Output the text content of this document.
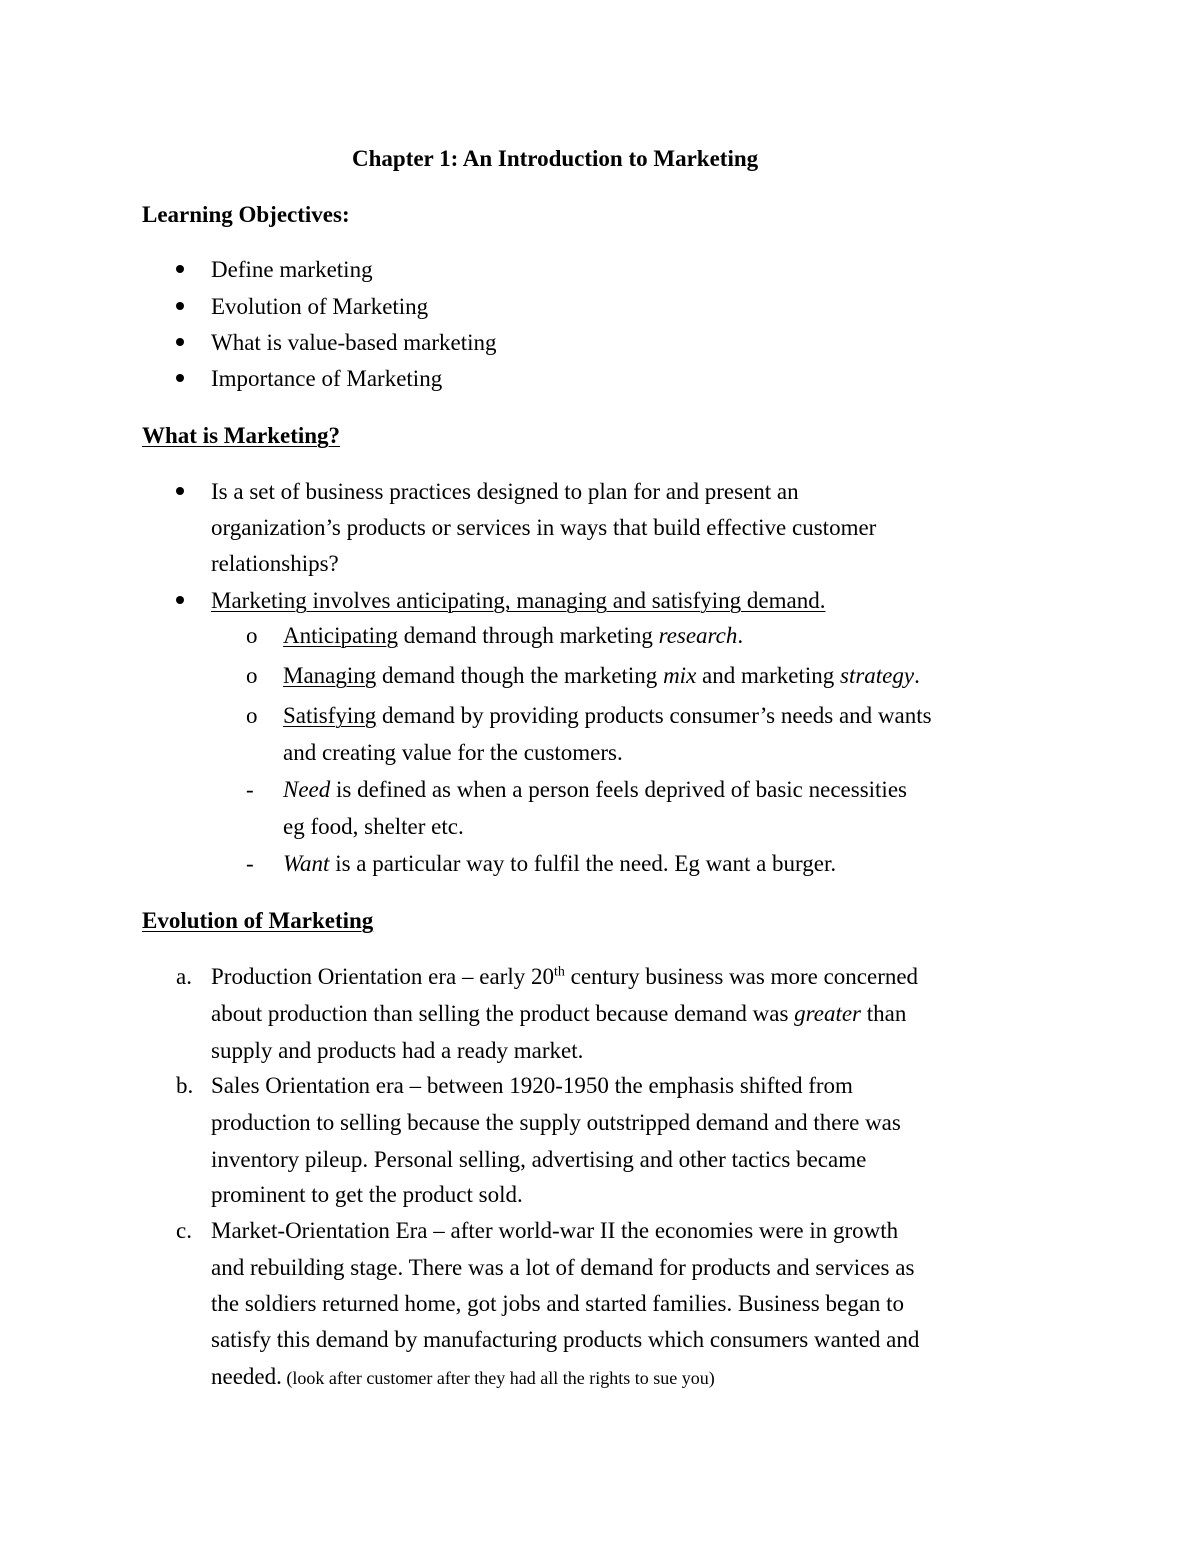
Chapter 1: An Introduction to Marketing
Learning Objectives:
Define marketing
Evolution of Marketing
What is value-based marketing
Importance of Marketing
What is Marketing?
Is a set of business practices designed to plan for and present an
organization’s products or services in ways that build effective customer
relationships?
Marketing involves anticipating, managing and satisfying demand.
o Anticipating demand through marketing research.
o Managing demand though the marketing mix and marketing strategy.
o Satisfying demand by providing products consumer’s needs and wants
and creating value for the customers.
- Need is defined as when a person feels deprived of basic necessities
eg food, shelter etc.
- Want is a particular way to fulfil the need. Eg want a burger.
Evolution of Marketing
a. Production Orientation era – early 20th century business was more concerned
about production than selling the product because demand was greater than
supply and products had a ready market.
b. Sales Orientation era – between 1920-1950 the emphasis shifted from
production to selling because the supply outstripped demand and there was
inventory pileup. Personal selling, advertising and other tactics became
prominent to get the product sold.
c. Market-Orientation Era – after world-war II the economies were in growth
and rebuilding stage. There was a lot of demand for products and services as
the soldiers returned home, got jobs and started families. Business began to
satisfy this demand by manufacturing products which consumers wanted and
needed. (look after customer after they had all the rights to sue you)
